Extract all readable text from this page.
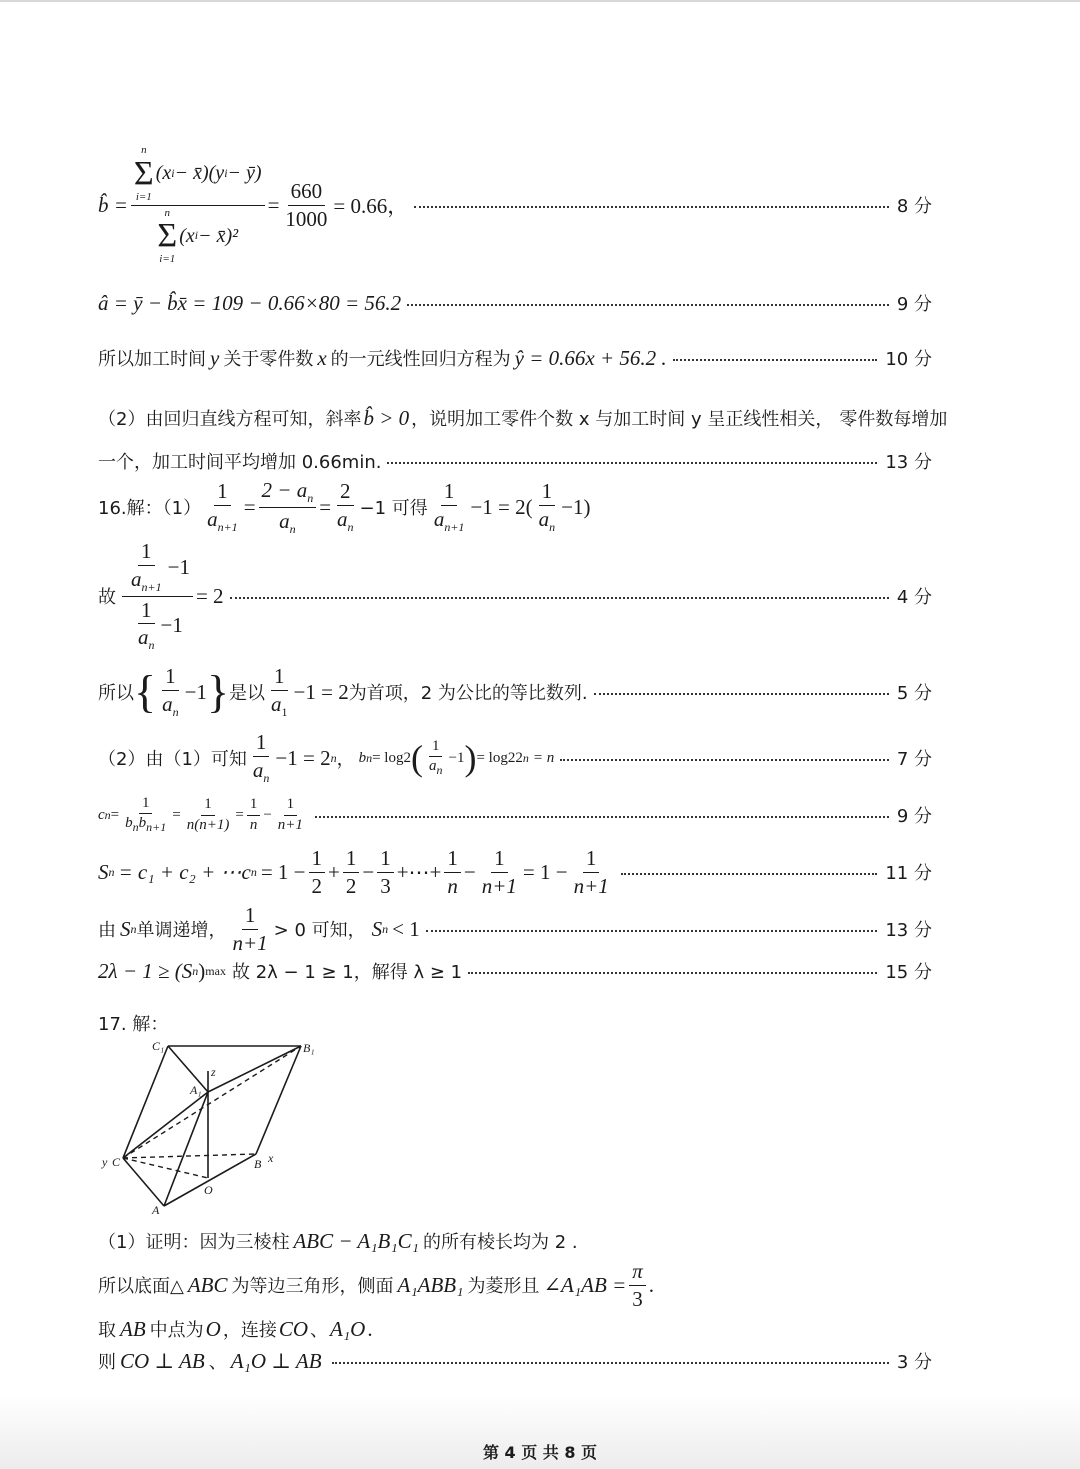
b̂ =
n
Σ
i=1
(x i − x̄)(y i − ȳ)
n
Σ
i=1
(x i − x̄)²
= $\frac{660}{1000} = 0.66$，	8 分
â = ȳ − b̂x̄ = 109 − 0.66×80 = 56.2	9 分
所以加工时间 y 关于零件数 x 的一元线性回归方程为 ŷ = 0.66x + 56.2 .	10 分
（2）由回归直线方程可知，斜率 b̂ > 0 ，说明加工零件个数 x 与加工时间 y 呈正线性相关， 零件数每增加
一个，加工时间平均增加 0.66min.	13 分
16.解：$(1) \frac{1}{a_{n+1}} = \frac{2 - a_n}{a_n} = \frac{2}{a_n} -1$ 可得 $\frac{1}{a_{n+1}} -1 = 2( \frac{1}{a_n} -1)$
故 $\frac{\frac{1}{a_{n+1}} -1}{\frac{1}{a_n} -1} = 2$	4 分
所以 { $\frac{1}{a_n} -1$ } 是以 $\frac{1}{a_1} -1 = 2$ 为首项，2 为公比的等比数列.	5 分
（2）由（1）可知 $\frac{1}{a_n} -1 = 2$ n ， b n = log 2 ( $\frac{1}{a_n} -1$ ) = log 2 2 n = n	7 分
c $n = \frac{1}{b_nb_{n+1}} = \frac{1}{n(n+1)} = \frac{1}{n} - \frac{1}{n+1}$	9 分
S n = c₁ + c₂ + ⋯c $n = 1 - \frac{1}{2} + \frac{1}{2} - \frac{1}{3}$ +⋯+ $\frac{1}{n} - \frac{1}{n+1} = 1 - \frac{1}{n+1}$	11 分
由 S n 单调递增， $\frac{1}{n+1} > 0$ 可知， S n < 1	13 分
2λ − 1 ≥ (S n ) max 故 2λ − 1 ≥ 1，解得 λ ≥ 1	15 分
17. 解：
C₁	B₁
A₁
z
y C	B x
O
A
（1）证明：因为三棱柱 ABC − A₁B₁C₁ 的所有棱长均为 2 .
所以底面△ ABC 为等边三角形，侧面 A₁ABB₁ 为菱形且 ∠A₁AB = $\frac{\pi}{3}$ .
取 AB 中点为 O ，连接 CO 、 A₁O .
则 CO ⊥ AB 、 A₁O ⊥ AB	3 分
第 4 页 共 8 页
